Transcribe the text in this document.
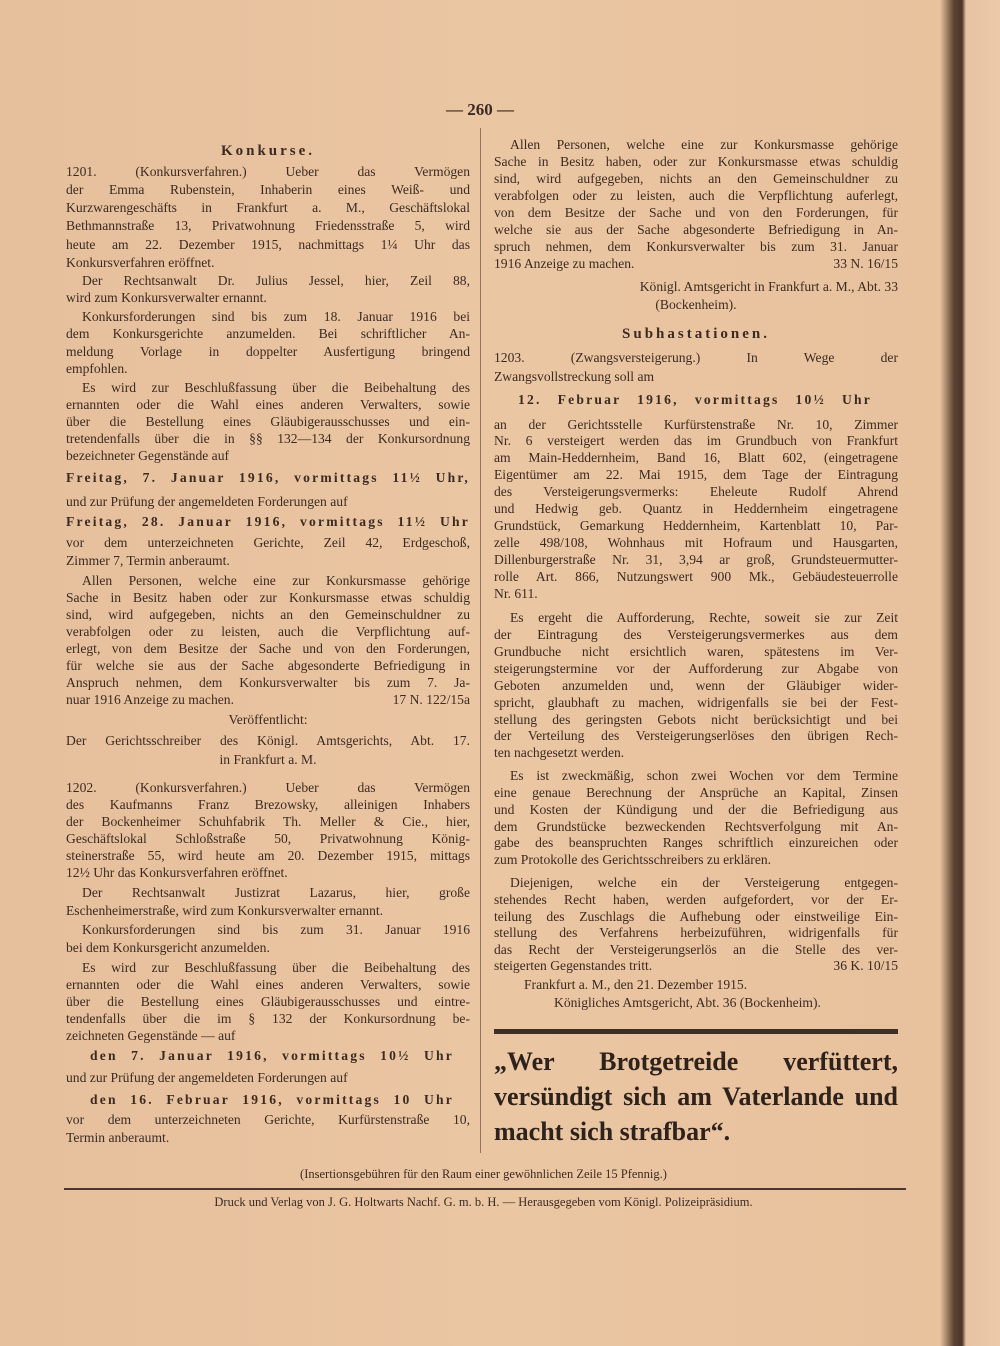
— 260 —
Konkurse.
Subhastationen.
1201. (Konkursverfahren.) Ueber das Vermögen
der Emma Rubenstein, Inhaberin eines Weiß- und
Kurzwarengeschäfts in Frankfurt a. M., Geschäftslokal
Bethmannstraße 13, Privatwohnung Friedensstraße 5, wird
heute am 22. Dezember 1915, nachmittags 1¼ Uhr das
Konkursverfahren eröffnet.
Der Rechtsanwalt Dr. Julius Jessel, hier, Zeil 88,
wird zum Konkursverwalter ernannt.
Konkursforderungen sind bis zum 18. Januar 1916 bei
dem Konkursgerichte anzumelden. Bei schriftlicher An-
meldung Vorlage in doppelter Ausfertigung bringend
empfohlen.
Es wird zur Beschlußfassung über die Beibehaltung des
ernannten oder die Wahl eines anderen Verwalters, sowie
über die Bestellung eines Gläubigerausschusses und ein-
tretendenfalls über die in §§ 132—134 der Konkursordnung
bezeichneter Gegenstände auf
Freitag, 7. Januar 1916, vormittags 11½ Uhr,
und zur Prüfung der angemeldeten Forderungen auf
Freitag, 28. Januar 1916, vormittags 11½ Uhr
vor dem unterzeichneten Gerichte, Zeil 42, Erdgeschoß,
Zimmer 7, Termin anberaumt.
Allen Personen, welche eine zur Konkursmasse gehörige
Sache in Besitz haben oder zur Konkursmasse etwas schuldig
sind, wird aufgegeben, nichts an den Gemeinschuldner zu
verabfolgen oder zu leisten, auch die Verpflichtung auf-
erlegt, von dem Besitze der Sache und von den Forderungen,
für welche sie aus der Sache abgesonderte Befriedigung in
Anspruch nehmen, dem Konkursverwalter bis zum 7. Ja-
nuar 1916 Anzeige zu machen.
Veröffentlicht:
Der Gerichtsschreiber des Königl. Amtsgerichts, Abt. 17.
in Frankfurt a. M.
1202. (Konkursverfahren.) Ueber das Vermögen
des Kaufmanns Franz Brezowsky, alleinigen Inhabers
der Bockenheimer Schuhfabrik Th. Meller & Cie., hier,
Geschäftslokal Schloßstraße 50, Privatwohnung König-
steinerstraße 55, wird heute am 20. Dezember 1915, mittags
12½ Uhr das Konkursverfahren eröffnet.
Der Rechtsanwalt Justizrat Lazarus, hier, große
Eschenheimerstraße, wird zum Konkursverwalter ernannt.
Konkursforderungen sind bis zum 31. Januar 1916
bei dem Konkursgericht anzumelden.
Es wird zur Beschlußfassung über die Beibehaltung des
ernannten oder die Wahl eines anderen Verwalters, sowie
über die Bestellung eines Gläubigerausschusses und eintre-
tendenfalls über die im § 132 der Konkursordnung be-
zeichneten Gegenstände — auf
den 7. Januar 1916, vormittags 10½ Uhr
und zur Prüfung der angemeldeten Forderungen auf
den 16. Februar 1916, vormittags 10 Uhr
vor dem unterzeichneten Gerichte, Kurfürstenstraße 10,
Termin anberaumt.
Allen Personen, welche eine zur Konkursmasse gehörige
Sache in Besitz haben, oder zur Konkursmasse etwas schuldig
sind, wird aufgegeben, nichts an den Gemeinschuldner zu
verabfolgen oder zu leisten, auch die Verpflichtung auferlegt,
von dem Besitze der Sache und von den Forderungen, für
welche sie aus der Sache abgesonderte Befriedigung in An-
spruch nehmen, dem Konkursverwalter bis zum 31. Januar
1916 Anzeige zu machen.
Königl. Amtsgericht in Frankfurt a. M., Abt. 33
(Bockenheim).
1203. (Zwangsversteigerung.) In Wege der
Zwangsvollstreckung soll am
12. Februar 1916, vormittags 10½ Uhr
an der Gerichtsstelle Kurfürstenstraße Nr. 10, Zimmer
Nr. 6 versteigert werden das im Grundbuch von Frankfurt
am Main-Heddernheim, Band 16, Blatt 602, (eingetragene
Eigentümer am 22. Mai 1915, dem Tage der Eintragung
des Versteigerungsvermerks: Eheleute Rudolf Ahrend
und Hedwig geb. Quantz in Heddernheim eingetragene
Grundstück, Gemarkung Heddernheim, Kartenblatt 10, Par-
zelle 498/108, Wohnhaus mit Hofraum und Hausgarten,
Dillenburgerstraße Nr. 31, 3,94 ar groß, Grundsteuermutter-
rolle Art. 866, Nutzungswert 900 Mk., Gebäudesteuerrolle
Nr. 611.
Es ergeht die Aufforderung, Rechte, soweit sie zur Zeit
der Eintragung des Versteigerungsvermerkes aus dem
Grundbuche nicht ersichtlich waren, spätestens im Ver-
steigerungstermine vor der Aufforderung zur Abgabe von
Geboten anzumelden und, wenn der Gläubiger wider-
spricht, glaubhaft zu machen, widrigenfalls sie bei der Fest-
stellung des geringsten Gebots nicht berücksichtigt und bei
der Verteilung des Versteigerungserlöses den übrigen Rech-
ten nachgesetzt werden.
Es ist zweckmäßig, schon zwei Wochen vor dem Termine
eine genaue Berechnung der Ansprüche an Kapital, Zinsen
und Kosten der Kündigung und der die Befriedigung aus
dem Grundstücke bezweckenden Rechtsverfolgung mit An-
gabe des beanspruchten Ranges schriftlich einzureichen oder
zum Protokolle des Gerichtsschreibers zu erklären.
Diejenigen, welche ein der Versteigerung entgegen-
stehendes Recht haben, werden aufgefordert, vor der Er-
teilung des Zuschlags die Aufhebung oder einstweilige Ein-
stellung des Verfahrens herbeizuführen, widrigenfalls für
das Recht der Versteigerungserlös an die Stelle des ver-
steigerten Gegenstandes tritt.
Frankfurt a. M., den 21. Dezember 1915.
Königliches Amtsgericht, Abt. 36 (Bockenheim).
17 N. 122/15a
33 N. 16/15
36 K. 10/15
„Wer Brotgetreide verfüttert,
versündigt sich am Vaterlande und
macht sich strafbar“.
(Insertionsgebühren für den Raum einer gewöhnlichen Zeile 15 Pfennig.)
Druck und Verlag von J. G. Holtwarts Nachf. G. m. b. H. — Herausgegeben vom Königl. Polizeipräsidium.
